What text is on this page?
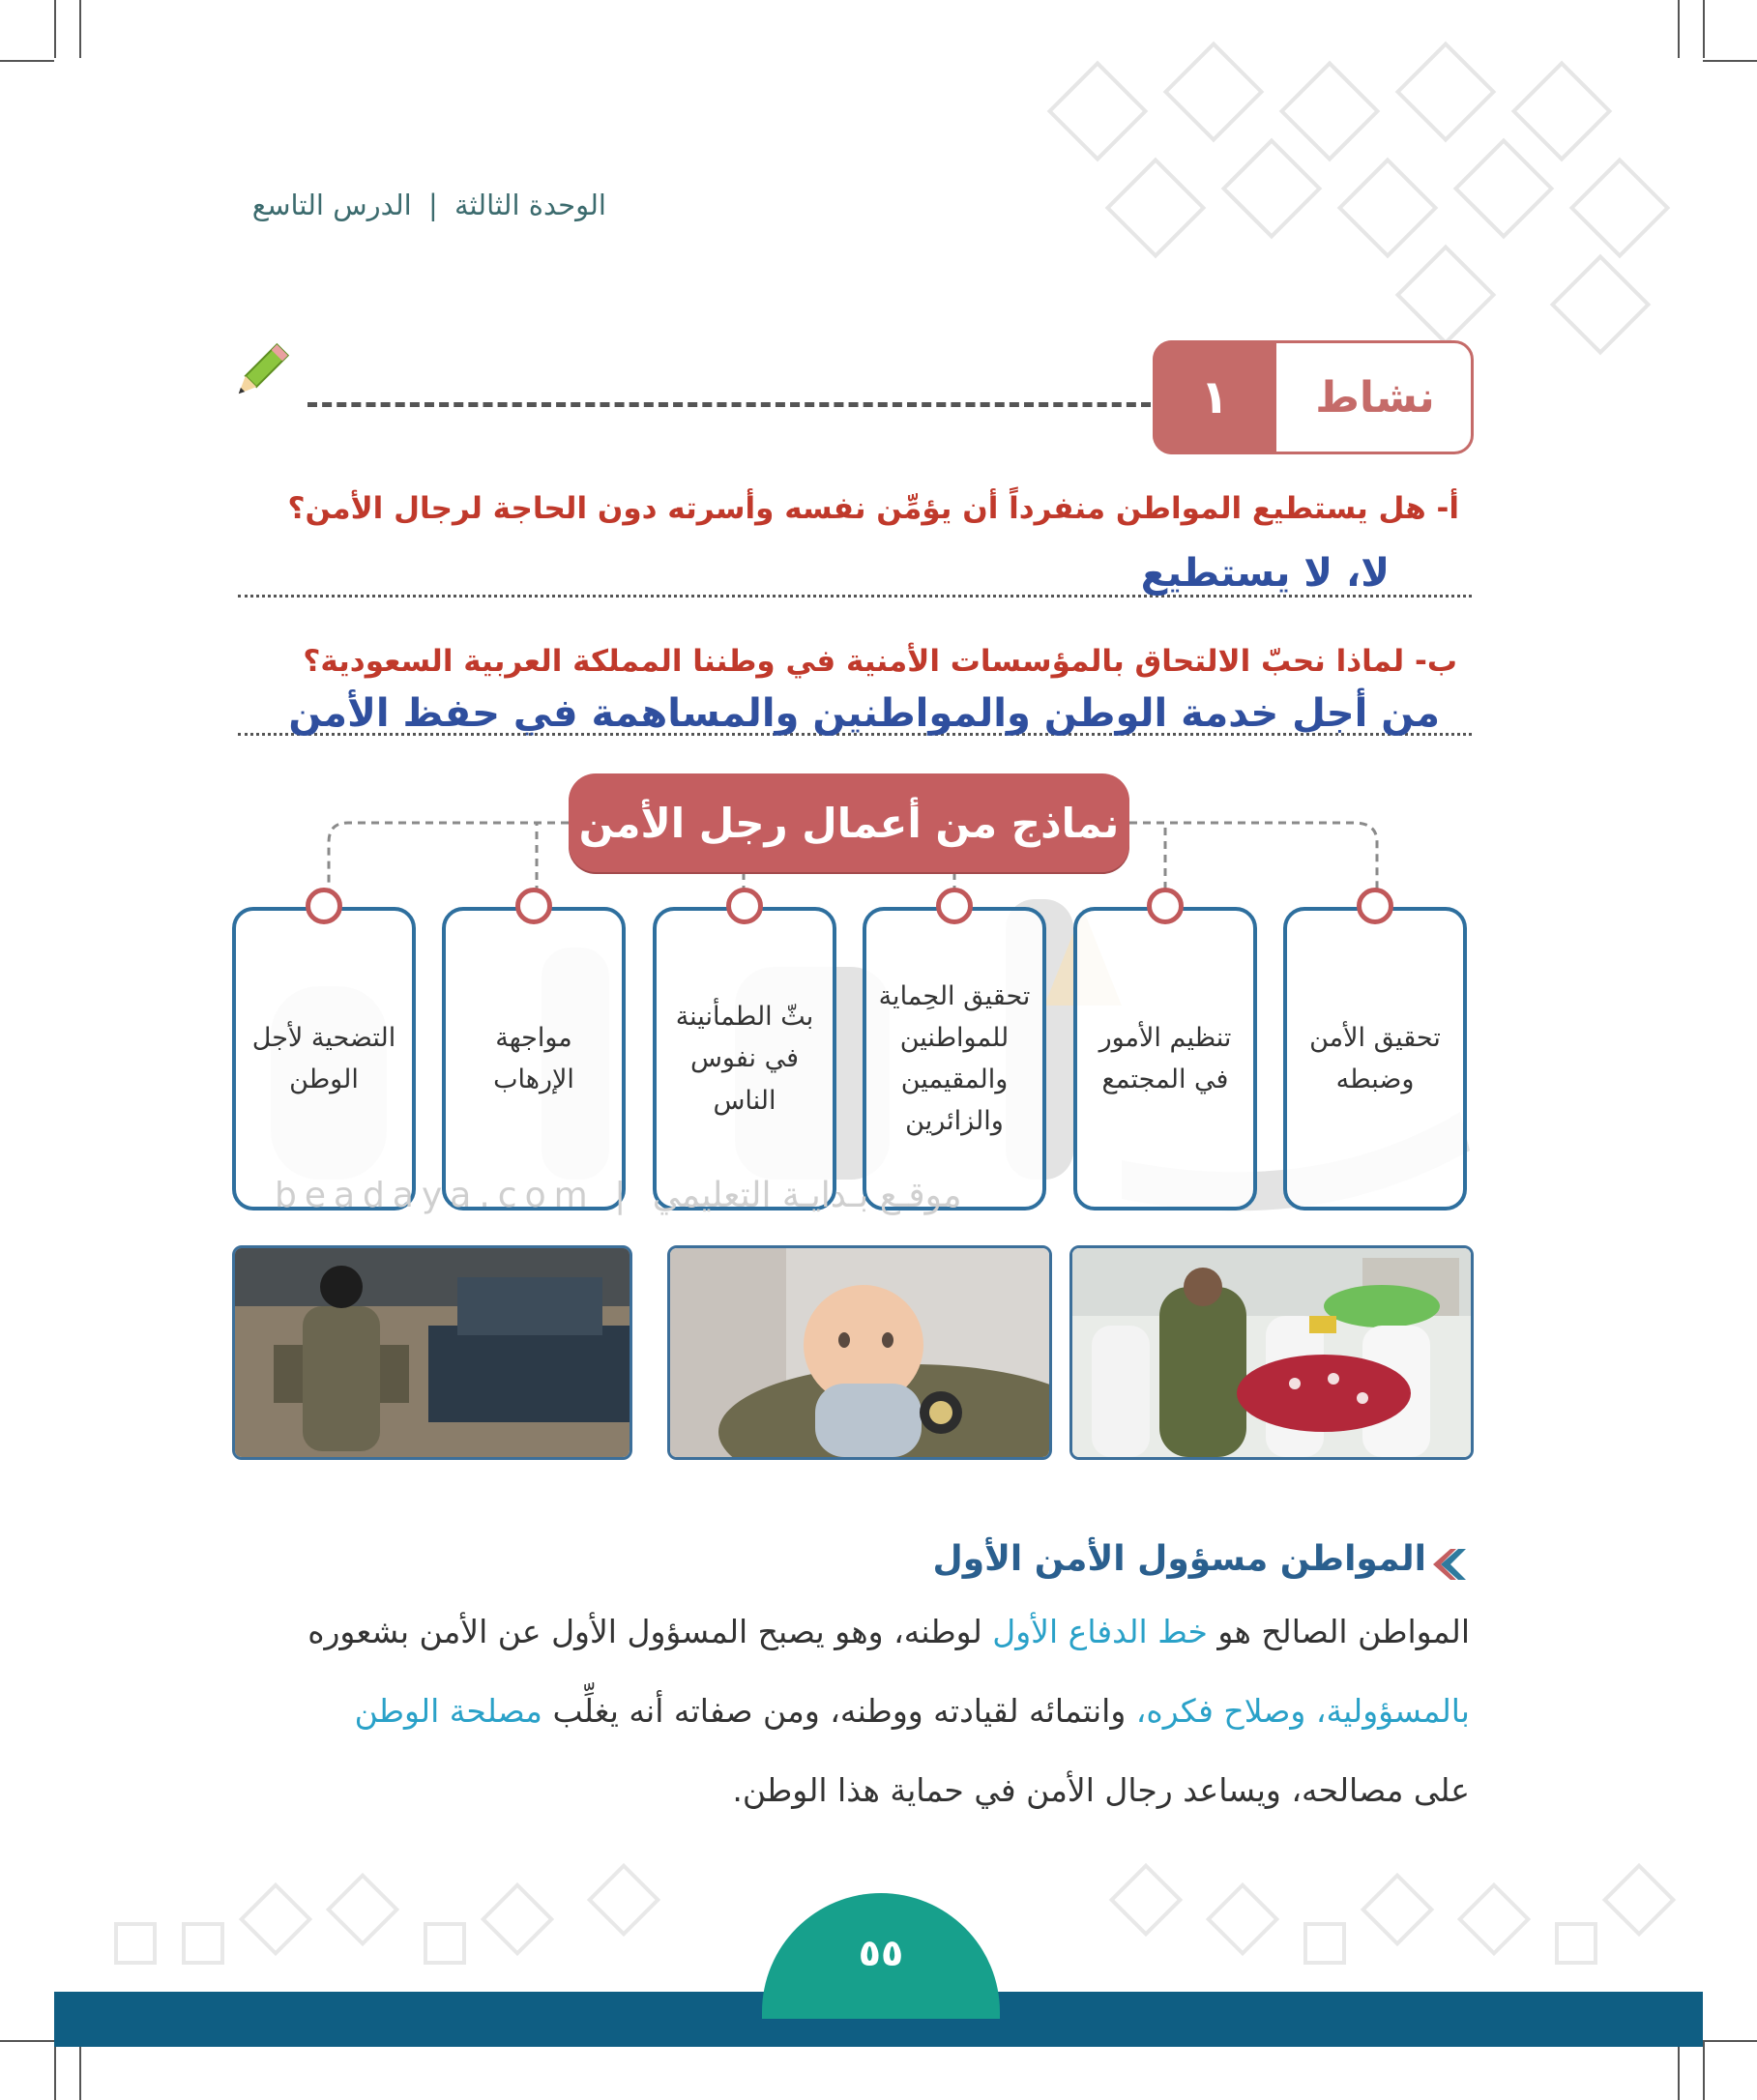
الوحدة الثالثة | الدرس التاسع
١	نشاط
أ- هل يستطيع المواطن منفرداً أن يؤمِّن نفسه وأسرته دون الحاجة لرجال الأمن؟
لا، لا يستطيع
ب- لماذا نحبّ الالتحاق بالمؤسسات الأمنية في وطننا المملكة العربية السعودية؟
من أجل خدمة الوطن والمواطنين والمساهمة في حفظ الأمن
نماذج من أعمال رجل الأمن
تحقيق الأمن وضبطه
تنظيم الأمور في المجتمع
تحقيق الحِماية للمواطنين والمقيمين والزائرين
بثّ الطمأنينة في نفوس الناس
مواجهة الإرهاب
التضحية لأجل الوطن
beadaya.com | موقـع بـدايـة التعليمي
المواطن مسؤول الأمن الأول
المواطن الصالح هو خط الدفاع الأول لوطنه، وهو يصبح المسؤول الأول عن الأمن بشعوره
بالمسؤولية، وصلاح فكره، وانتمائه لقيادته ووطنه، ومن صفاته أنه يغلِّب مصلحة الوطن
على مصالحه، ويساعد رجال الأمن في حماية هذا الوطن.
٥٥
